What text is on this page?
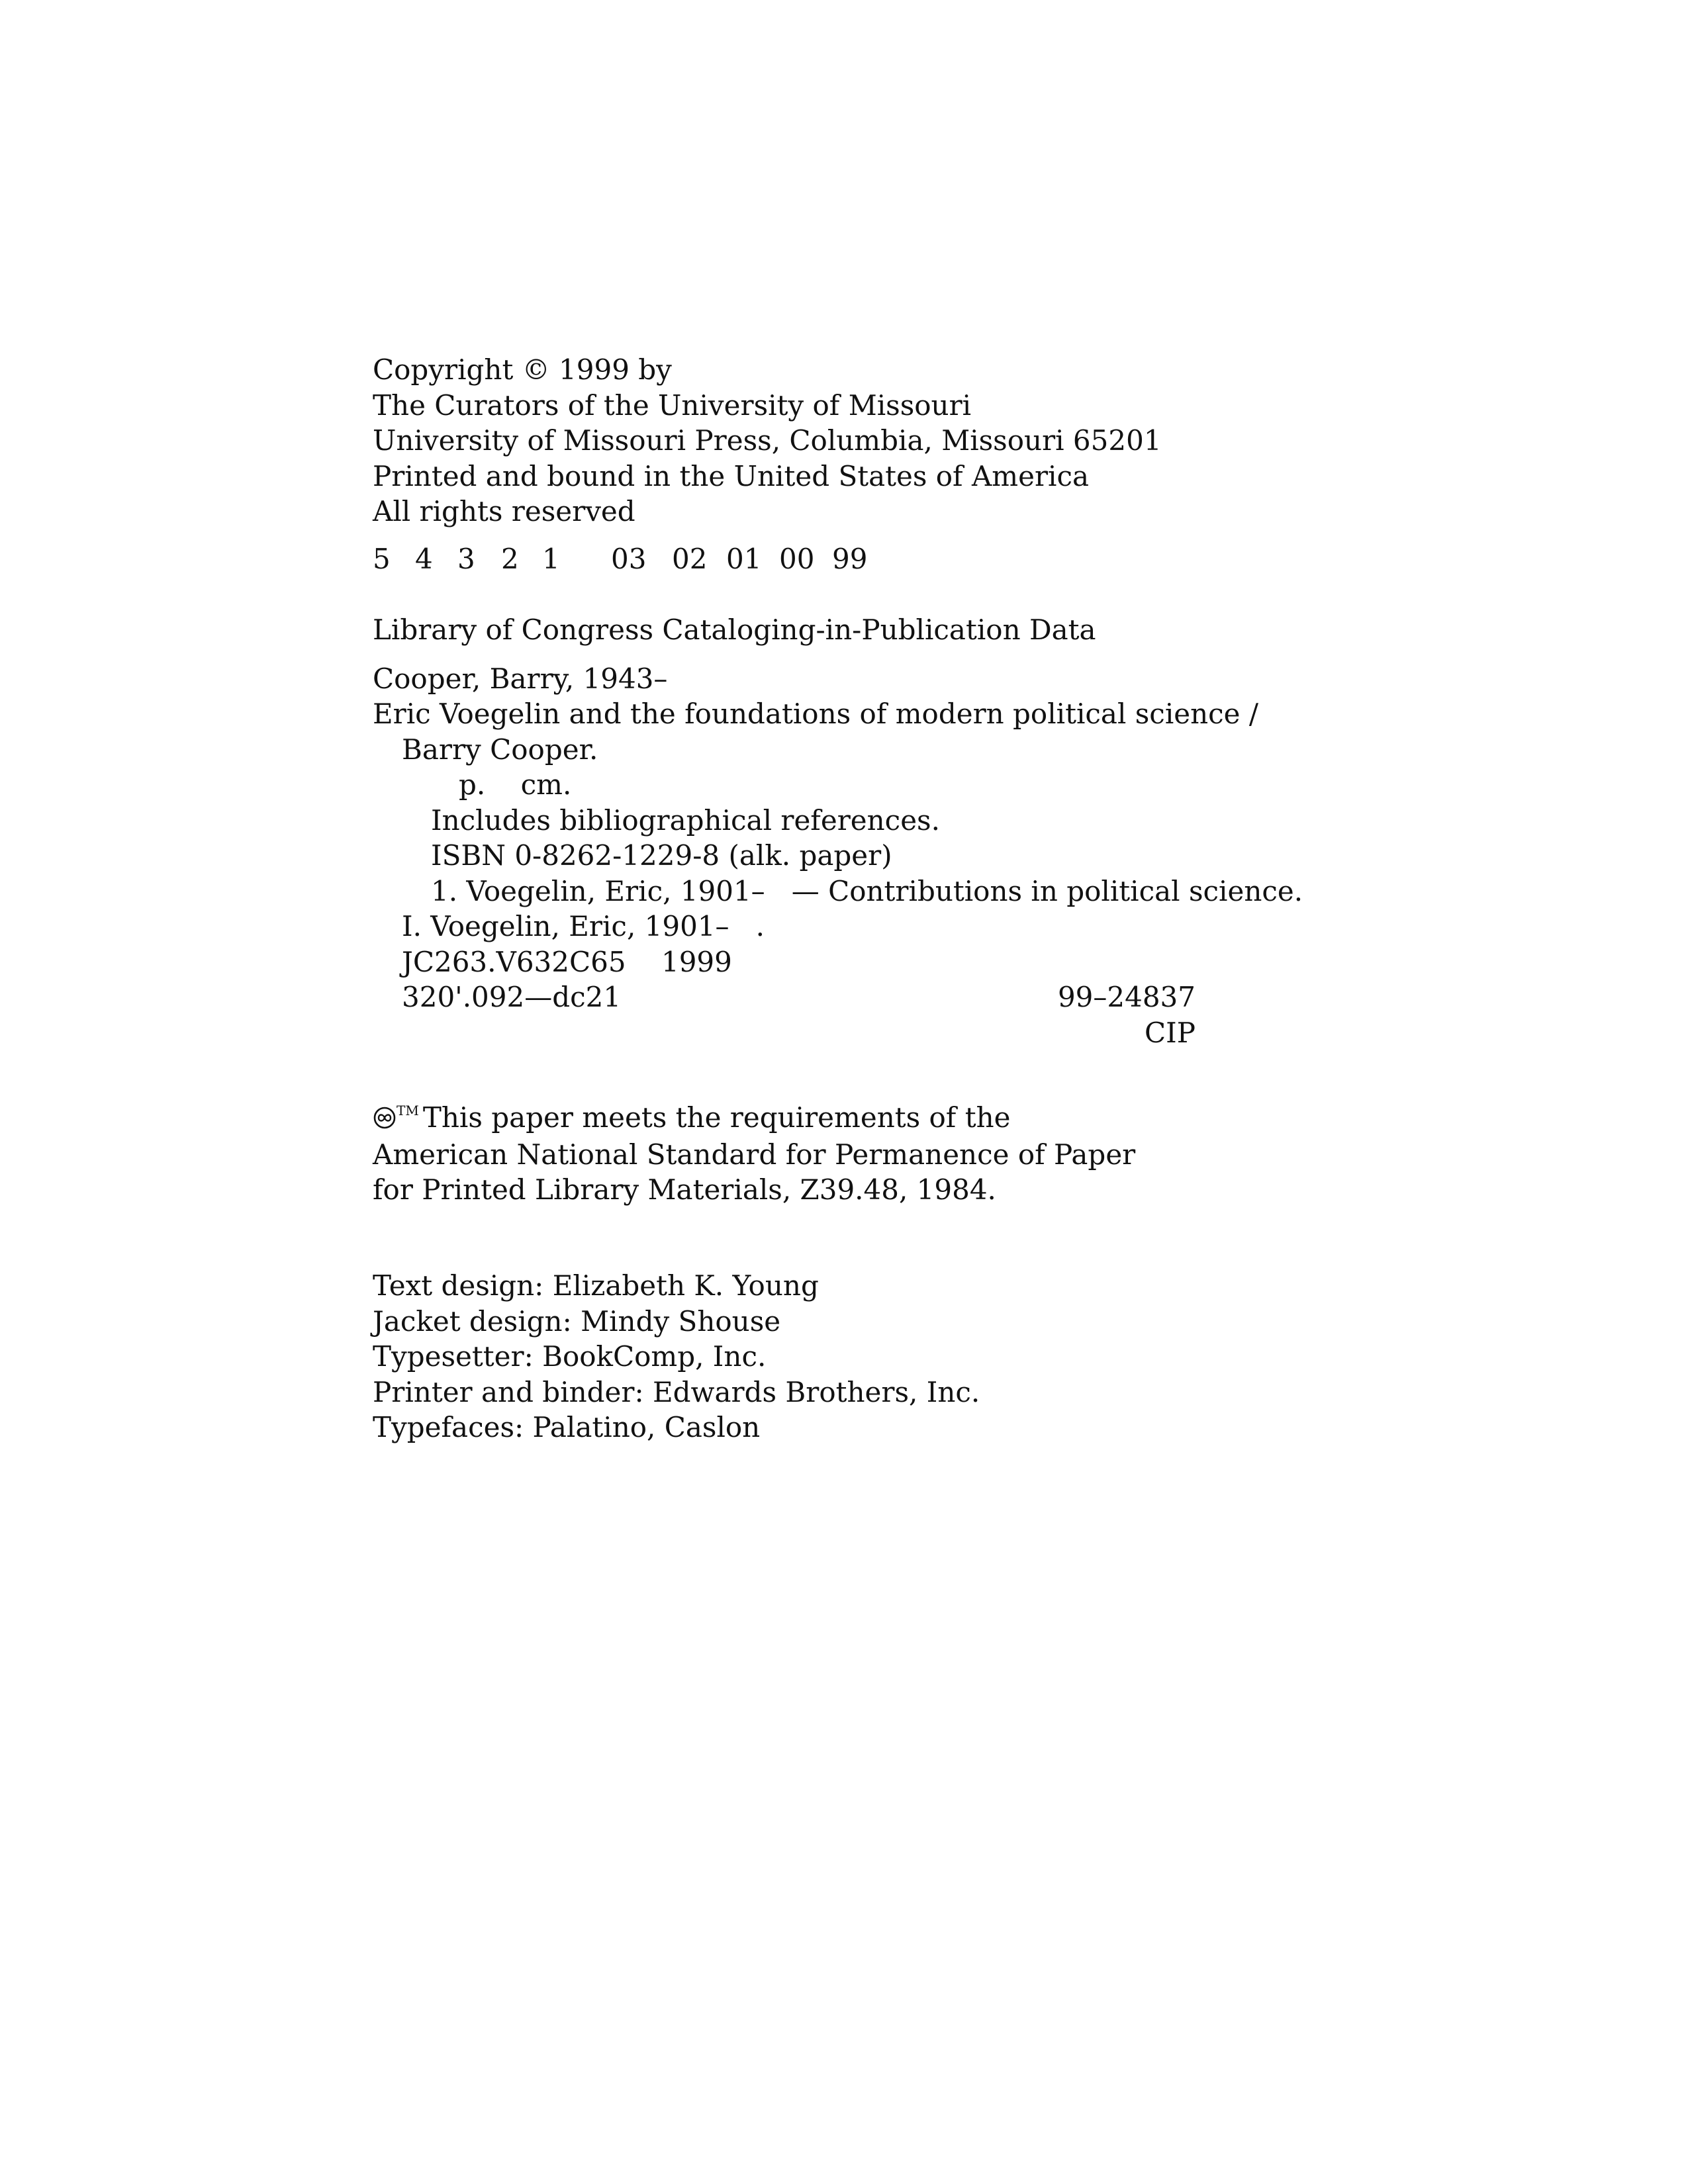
Copyright © 1999 by

The Curators of the University of Missouri

University of Missouri Press, Columbia, Missouri 65201

Printed and bound in the United States of America

All rights reserved

5 4 3 2 1 03 02 01 00 99

Library of Congress Cataloging-in-Publication Data

Cooper, Barry, 1943–

Eric Voegelin and the foundations of modern political science /

Barry Cooper.

p.    cm.

Includes bibliographical references.

ISBN 0-8262-1229-8 (alk. paper)

1. Voegelin, Eric, 1901–   — Contributions in political science.

I. Voegelin, Eric, 1901–   .

JC263.V632C65    1999

320'.092—dc21	99–24837
CIP

™ This paper meets the requirements of the

American National Standard for Permanence of Paper

for Printed Library Materials, Z39.48, 1984.

Text design: Elizabeth K. Young

Jacket design: Mindy Shouse

Typesetter: BookComp, Inc.

Printer and binder: Edwards Brothers, Inc.

Typefaces: Palatino, Caslon
